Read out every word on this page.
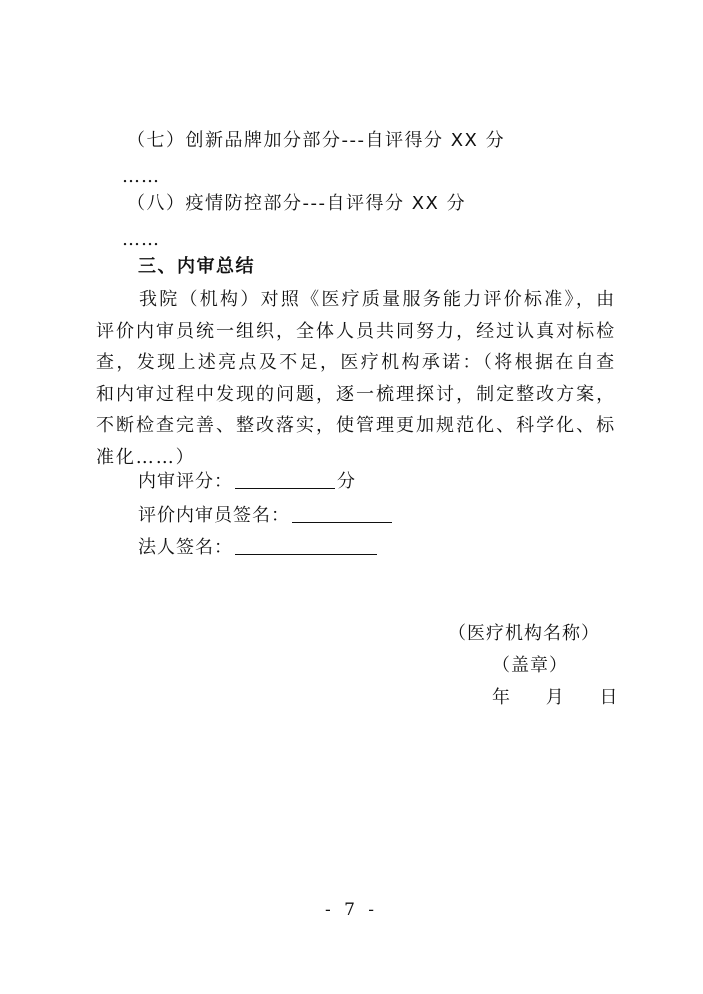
（七）创新品牌加分部分---自评得分 XX 分
……
（八）疫情防控部分---自评得分 XX 分
……
三、内审总结
我院（机构）对照《医疗质量服务能力评价标准》，由评价内审员统一组织，全体人员共同努力，经过认真对标检查，发现上述亮点及不足，医疗机构承诺：（将根据在自查和内审过程中发现的问题，逐一梳理探讨，制定整改方案，不断检查完善、整改落实，使管理更加规范化、科学化、标准化……）
内审评分：	分
评价内审员签名：
法人签名：
（医疗机构名称）
（盖章）
年　 月　 日
- 7 -
